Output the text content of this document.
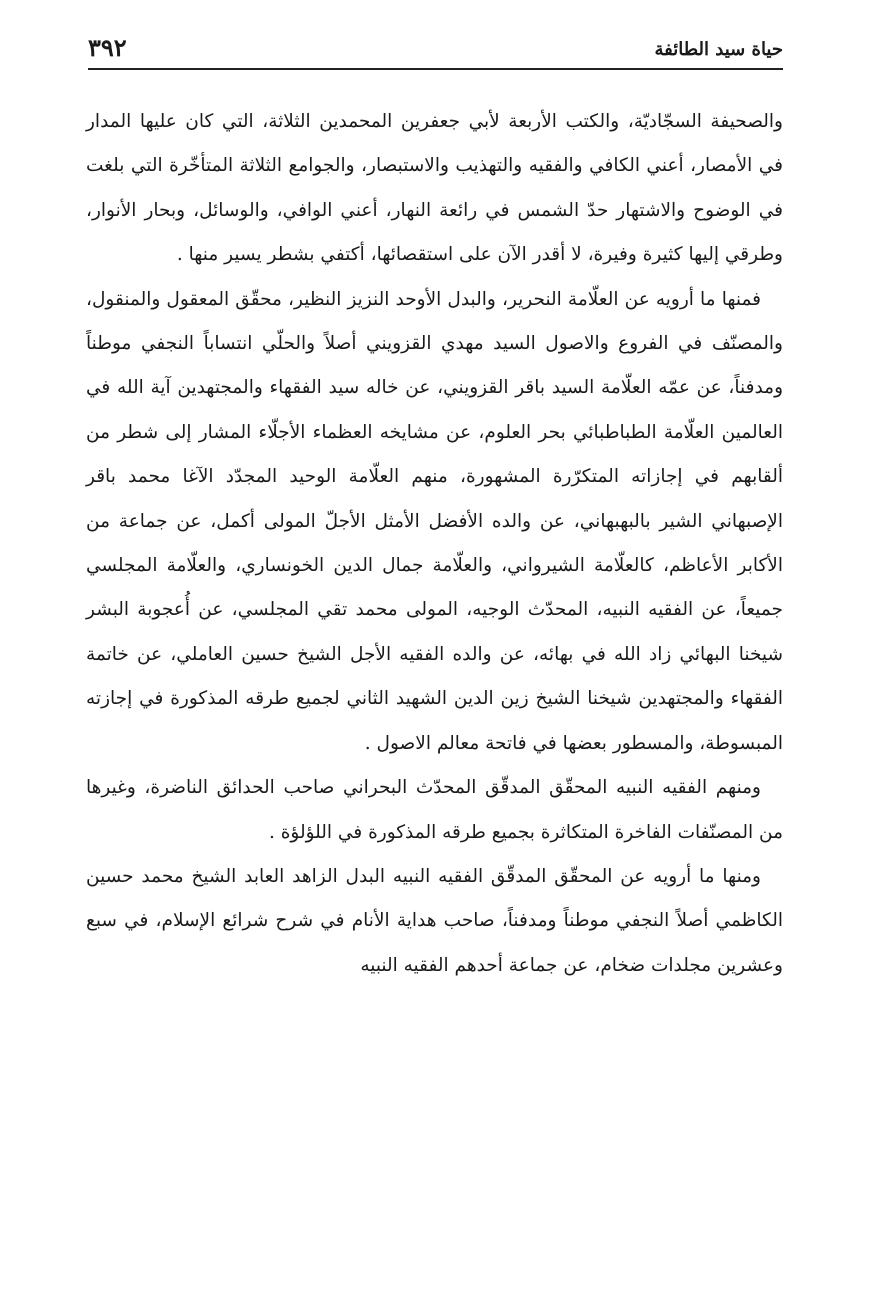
حياة سيد الطائفة
٣٩٢

والصحيفة السجّاديّة، والكتب الأربعة لأبي جعفرين المحمدين الثلاثة، التي كان عليها المدار في الأمصار، أعني الكافي والفقيه والتهذيب والاستبصار، والجوامع الثلاثة المتأخّرة التي بلغت في الوضوح والاشتهار حدّ الشمس في رائعة النهار، أعني الوافي، والوسائل، وبحار الأنوار، وطرقي إليها كثيرة وفيرة، لا أقدر الآن على استقصائها، أكتفي بشطر يسير منها .

فمنها ما أرويه عن العلّامة النحرير، والبدل الأوحد النزيز النظير، محقّق المعقول والمنقول، والمصنّف في الفروع والاصول السيد مهدي القزويني أصلاً والحلّي انتساباً النجفي موطناً ومدفناً، عن عمّه العلّامة السيد باقر القزويني، عن خاله سيد الفقهاء والمجتهدين آية الله في العالمين العلّامة الطباطبائي بحر العلوم، عن مشايخه العظماء الأجلّاء المشار إلى شطر من ألقابهم في إجازاته المتكرّرة المشهورة، منهم العلّامة الوحيد المجدّد الآغا محمد باقر الإصبهاني الشير بالبهبهاني، عن والده الأفضل الأمثل الأجلّ المولى أكمل، عن جماعة من الأكابر الأعاظم، كالعلّامة الشيرواني، والعلّامة جمال الدين الخونساري، والعلّامة المجلسي جميعاً، عن الفقيه النبيه، المحدّث الوجيه، المولى محمد تقي المجلسي، عن أُعجوبة البشر شيخنا البهائي زاد الله في بهائه، عن والده الفقيه الأجل الشيخ حسين العاملي، عن خاتمة الفقهاء والمجتهدين شيخنا الشيخ زين الدين الشهيد الثاني لجميع طرقه المذكورة في إجازته المبسوطة، والمسطور بعضها في فاتحة معالم الاصول .

ومنهم الفقيه النبيه المحقّق المدقّق المحدّث البحراني صاحب الحدائق الناضرة، وغيرها من المصنّفات الفاخرة المتكاثرة بجميع طرقه المذكورة في اللؤلؤة .

ومنها ما أرويه عن المحقّق المدقّق الفقيه النبيه البدل الزاهد العابد الشيخ محمد حسين الكاظمي أصلاً النجفي موطناً ومدفناً، صاحب هداية الأنام في شرح شرائع الإسلام، في سبع وعشرين مجلدات ضخام، عن جماعة أحدهم الفقيه النبيه
